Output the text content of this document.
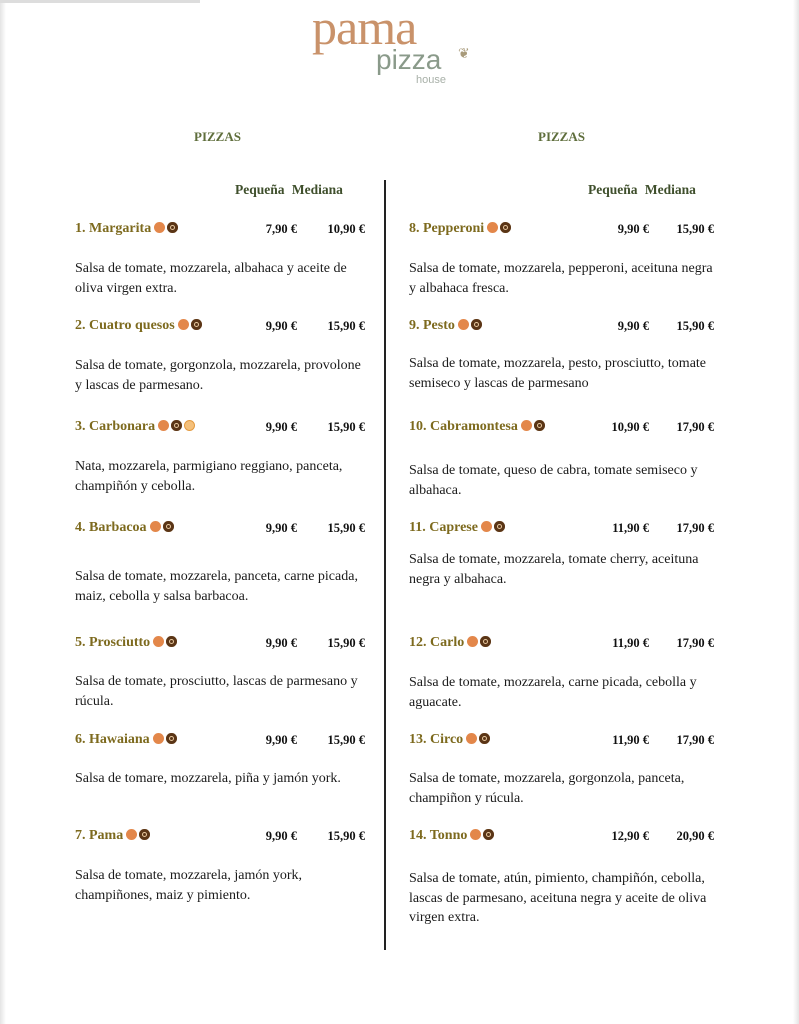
pama
pizza ❦
house
PIZZAS	PIZZAS
Pequeña Mediana	Pequeña Mediana
1. Margarita	7,90 € 10,90 €
Salsa de tomate, mozzarela, albahaca y aceite de oliva virgen extra.
2. Cuatro quesos	9,90 € 15,90 €
Salsa de tomate, gorgonzola, mozzarela, provolone y lascas de parmesano.
3. Carbonara	9,90 € 15,90 €
Nata, mozzarela, parmigiano reggiano, panceta, champiñón y cebolla.
4. Barbacoa	9,90 € 15,90 €
Salsa de tomate, mozzarela, panceta, carne picada, maiz, cebolla y salsa barbacoa.
5. Prosciutto	9,90 € 15,90 €
Salsa de tomate, prosciutto, lascas de parmesano y rúcula.
6. Hawaiana	9,90 € 15,90 €
Salsa de tomare, mozzarela, piña y jamón york.
7. Pama	9,90 € 15,90 €
Salsa de tomate, mozzarela, jamón york, champiñones, maiz y pimiento.
8. Pepperoni	9,90 € 15,90 €
Salsa de tomate, mozzarela, pepperoni, aceituna negra y albahaca fresca.
9. Pesto	9,90 € 15,90 €
Salsa de tomate, mozzarela, pesto, prosciutto, tomate semiseco y lascas de parmesano
10. Cabramontesa	10,90 € 17,90 €
Salsa de tomate, queso de cabra, tomate semiseco y albahaca.
11. Caprese	11,90 € 17,90 €
Salsa de tomate, mozzarela, tomate cherry, aceituna negra y albahaca.
12. Carlo	11,90 € 17,90 €
Salsa de tomate, mozzarela, carne picada, cebolla y aguacate.
13. Circo	11,90 € 17,90 €
Salsa de tomate, mozzarela, gorgonzola, panceta, champiñon y rúcula.
14. Tonno	12,90 € 20,90 €
Salsa de tomate, atún, pimiento, champiñón, cebolla, lascas de parmesano, aceituna negra y aceite de oliva virgen extra.
